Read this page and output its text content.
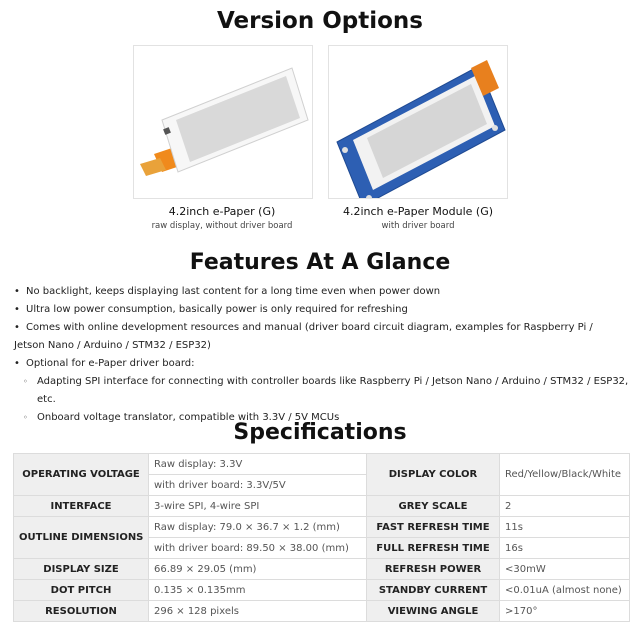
Version Options
4.2inch e-Paper (G)
raw display, without driver board
4.2inch e-Paper Module (G)
with driver board
Features At A Glance
• No backlight, keeps displaying last content for a long time even when power down
• Ultra low power consumption, basically power is only required for refreshing
• Comes with online development resources and manual (driver board circuit diagram, examples for Raspberry Pi /
Jetson Nano / Arduino / STM32 / ESP32)
• Optional for e-Paper driver board:
◦ Adapting SPI interface for connecting with controller boards like Raspberry Pi / Jetson Nano / Arduino / STM32 / ESP32, etc.
◦ Onboard voltage translator, compatible with 3.3V / 5V MCUs
Specifications
OPERATING VOLTAGE	Raw display: 3.3V	DISPLAY COLOR	Red/Yellow/Black/White
	with driver board: 3.3V/5V		
INTERFACE	3-wire SPI, 4-wire SPI	GREY SCALE	2
OUTLINE DIMENSIONS	Raw display: 79.0 × 36.7 × 1.2 (mm)	FAST REFRESH TIME	11s
	with driver board: 89.50 × 38.00 (mm)	FULL REFRESH TIME	16s
DISPLAY SIZE	66.89 × 29.05 (mm)	REFRESH POWER	<30mW
DOT PITCH	0.135 × 0.135mm	STANDBY CURRENT	<0.01uA (almost none)
RESOLUTION	296 × 128 pixels	VIEWING ANGLE	>170°
